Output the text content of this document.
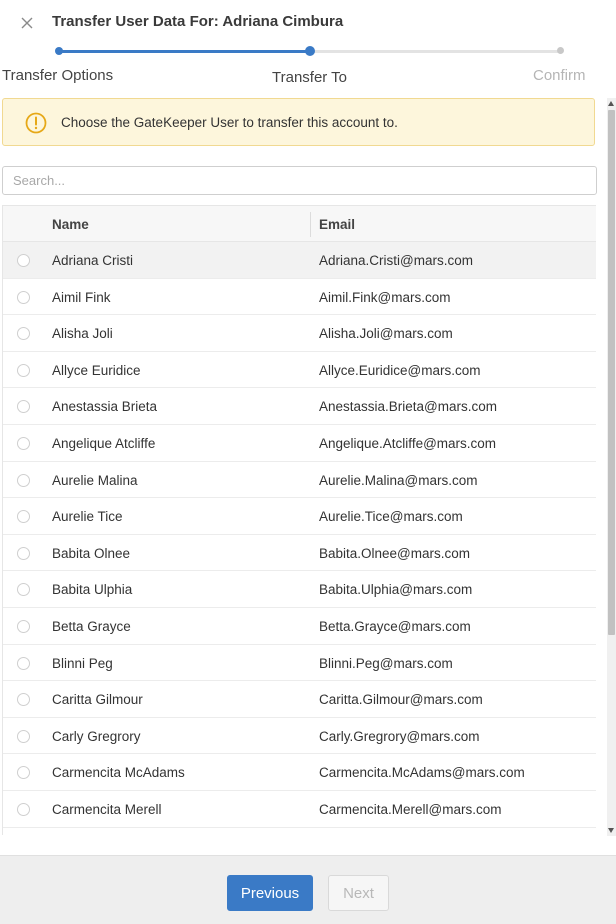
Transfer User Data For: Adriana Cimbura
Transfer Options	Transfer To	Confirm
Choose the GateKeeper User to transfer this account to.
Search...
Name	Email
Adriana Cristi	Adriana.Cristi@mars.com
Aimil Fink	Aimil.Fink@mars.com
Alisha Joli	Alisha.Joli@mars.com
Allyce Euridice	Allyce.Euridice@mars.com
Anestassia Brieta	Anestassia.Brieta@mars.com
Angelique Atcliffe	Angelique.Atcliffe@mars.com
Aurelie Malina	Aurelie.Malina@mars.com
Aurelie Tice	Aurelie.Tice@mars.com
Babita Olnee	Babita.Olnee@mars.com
Babita Ulphia	Babita.Ulphia@mars.com
Betta Grayce	Betta.Grayce@mars.com
Blinni Peg	Blinni.Peg@mars.com
Caritta Gilmour	Caritta.Gilmour@mars.com
Carly Gregrory	Carly.Gregrory@mars.com
Carmencita McAdams	Carmencita.McAdams@mars.com
Carmencita Merell	Carmencita.Merell@mars.com
Previous	Next
